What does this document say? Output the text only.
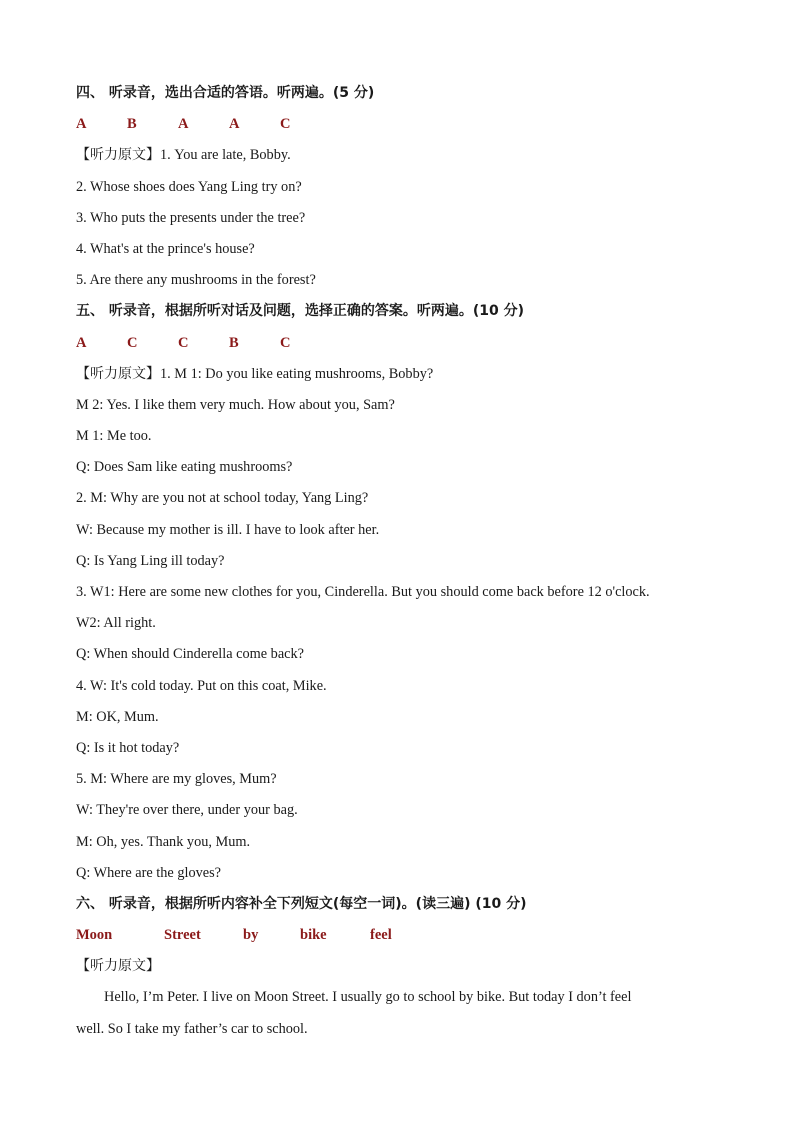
四、 听录音，选出合适的答语。听两遍。(5 分)
A	B	A	A	C
【听力原文】1. You are late, Bobby.
2. Whose shoes does Yang Ling try on?
3. Who puts the presents under the tree?
4. What's at the prince's house?
5. Are there any mushrooms in the forest?
五、 听录音，根据所听对话及问题，选择正确的答案。听两遍。(10 分)
A	C	C	B	C
【听力原文】1. M 1: Do you like eating mushrooms, Bobby?
M 2: Yes. I like them very much. How about you, Sam?
M 1: Me too.
Q: Does Sam like eating mushrooms?
2. M: Why are you not at school today, Yang Ling?
W: Because my mother is ill. I have to look after her.
Q: Is Yang Ling ill today?
3. W1: Here are some new clothes for you, Cinderella. But you should come back before 12 o'clock.
W2: All right.
Q: When should Cinderella come back?
4. W: It's cold today. Put on this coat, Mike.
M: OK, Mum.
Q: Is it hot today?
5. M: Where are my gloves, Mum?
W: They're over there, under your bag.
M: Oh, yes. Thank you, Mum.
Q: Where are the gloves?
六、 听录音，根据所听内容补全下列短文(每空一词)。(读三遍) (10 分)
Moon	Street	by	bike	feel
【听力原文】
Hello, I’m Peter. I live on Moon Street. I usually go to school by bike. But today I don’t feel
well. So I take my father’s car to school.
